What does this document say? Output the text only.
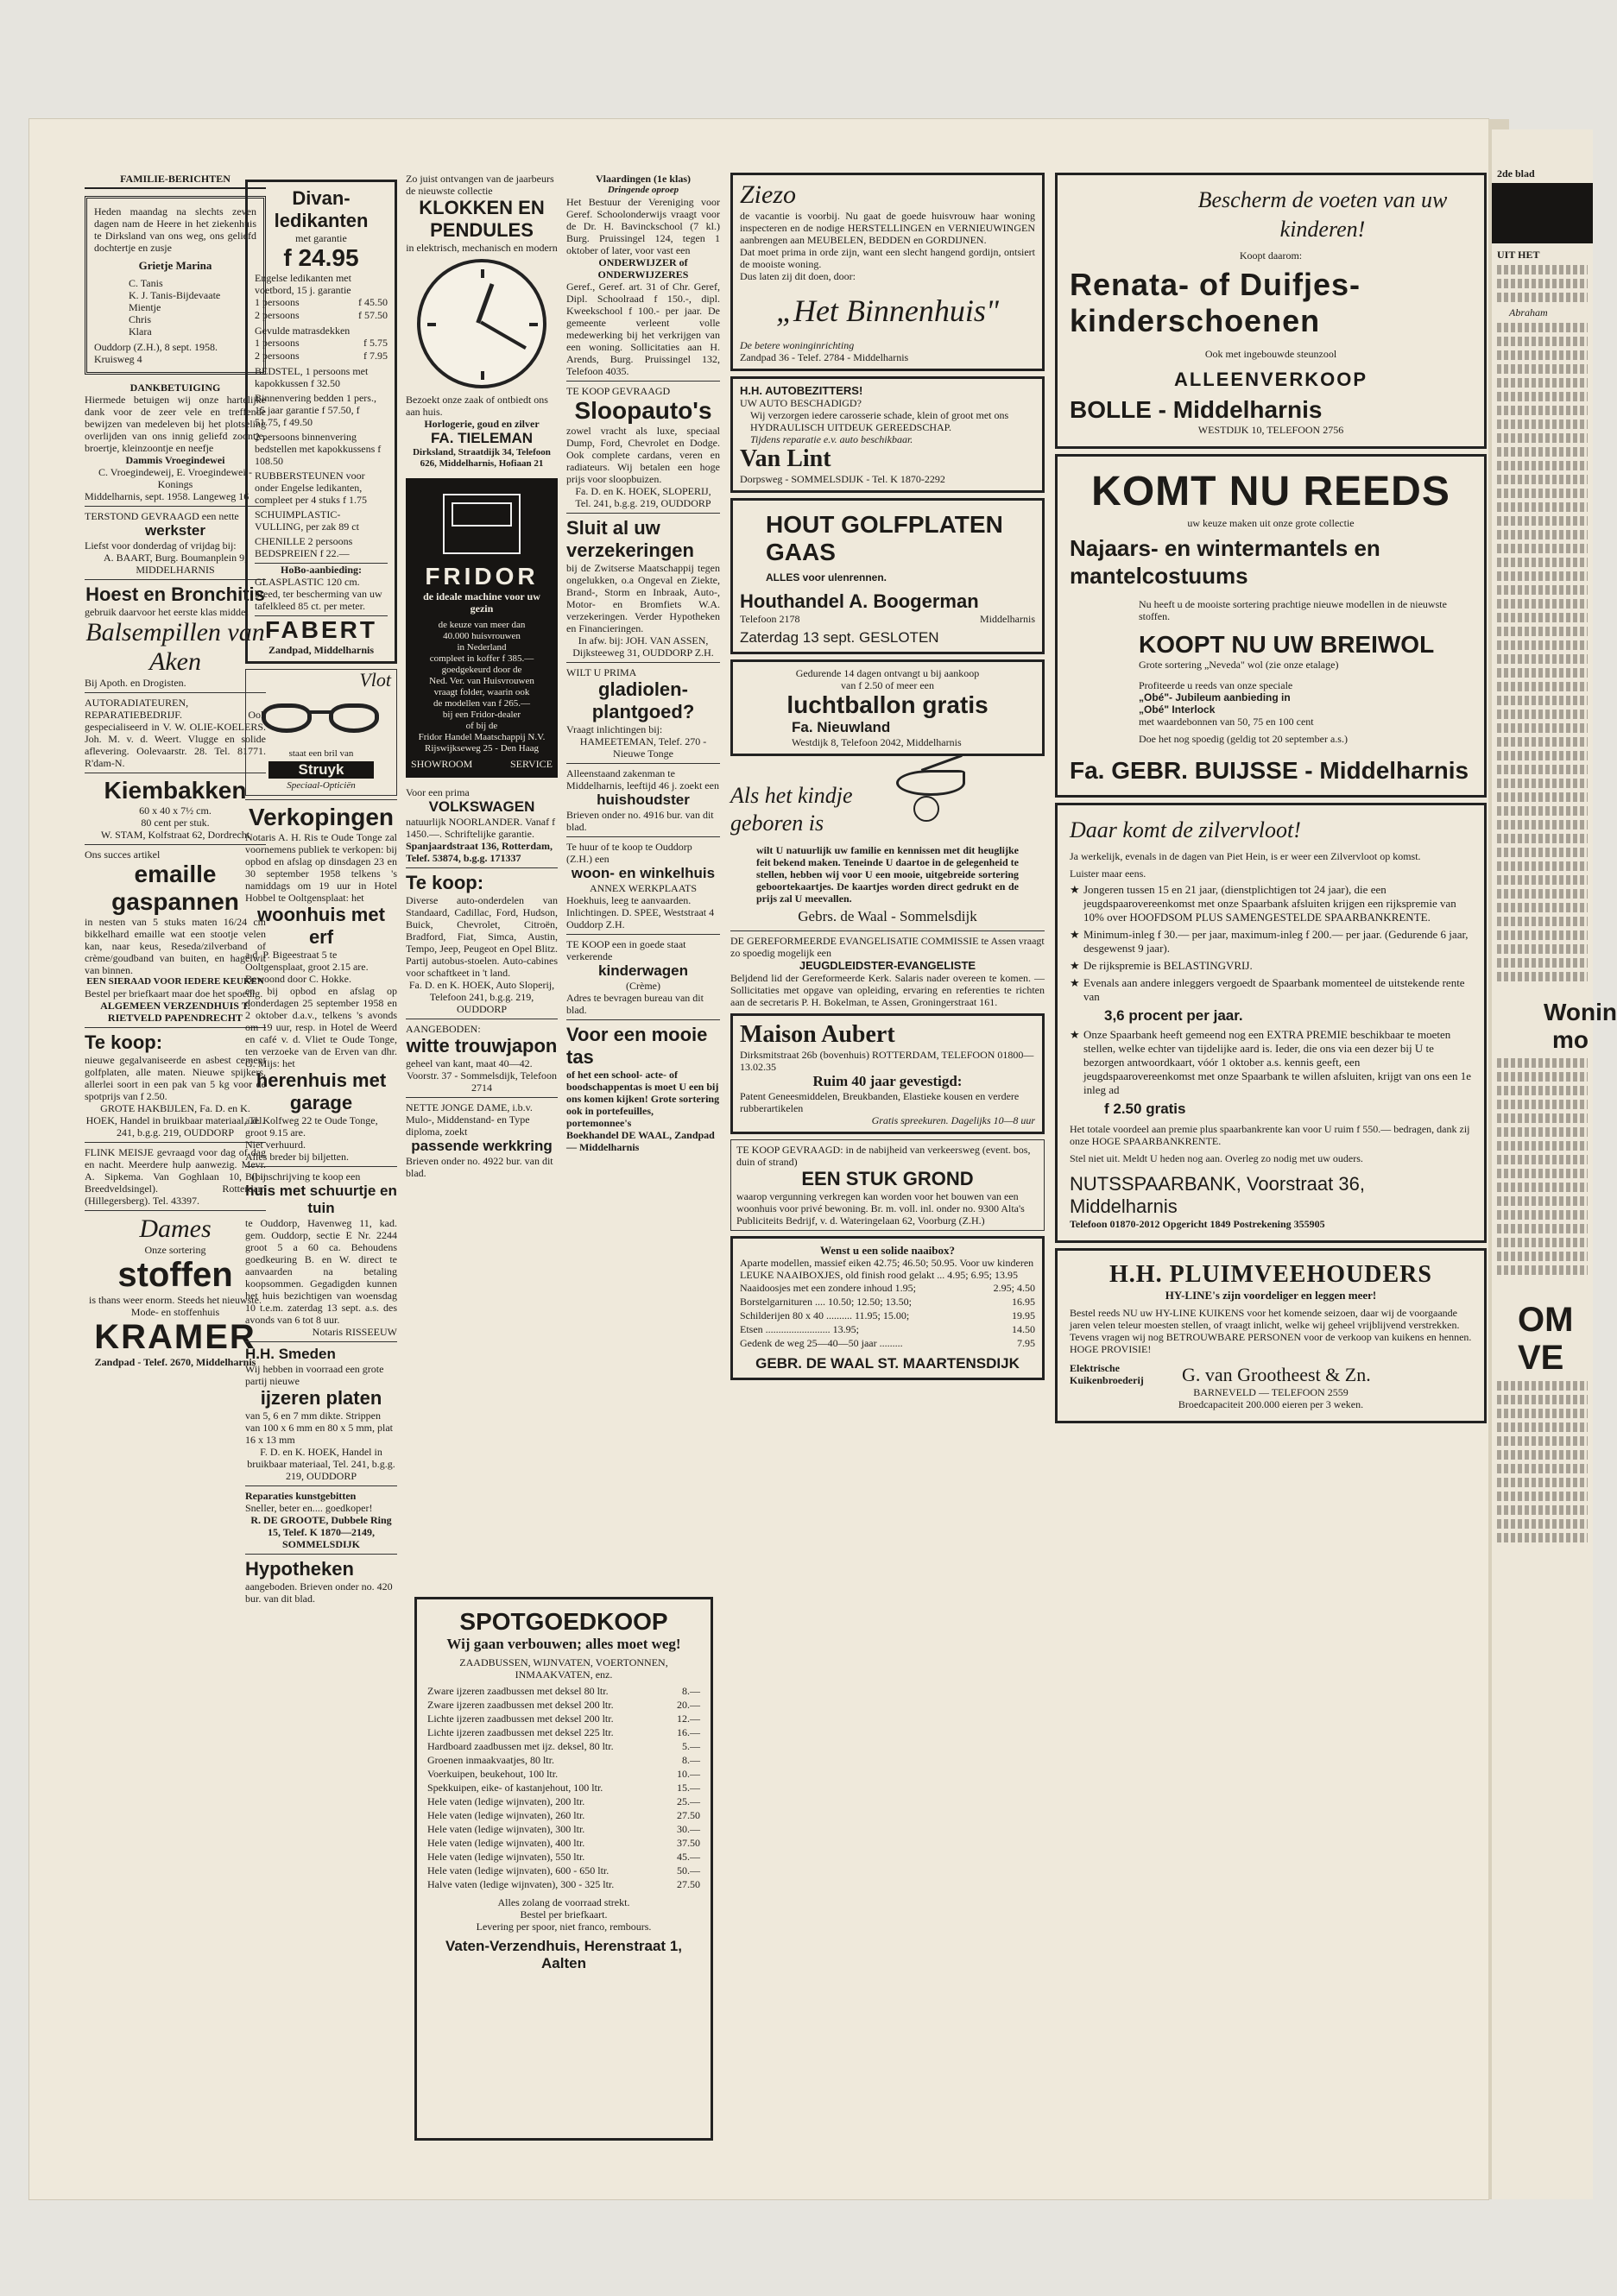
FAMILIE-BERICHTEN
Heden maandag na slechts zeven dagen nam de Heere in het ziekenhuis te Dirksland van ons weg, ons geliefd dochtertje en zusje
Grietje Marina
C. Tanis
K. J. Tanis-Bijdevaate
Mientje
Chris
Klara
Ouddorp (Z.H.), 8 sept. 1958. Kruisweg 4
DANKBETUIGING
Hiermede betuigen wij onze hartelijke dank voor de zeer vele en treffende bewijzen van medeleven bij het plotseling overlijden van ons innig geliefd zoontje, broertje, kleinzoontje en neefje
Dammis Vroegindewei
C. Vroegindeweij, E. Vroegindeweij-Konings
Middelharnis, sept. 1958. Langeweg 16
TERSTOND GEVRAAGD een nette
werkster
Liefst voor donderdag of vrijdag bij:
A. BAART, Burg. Boumanplein 9, MIDDELHARNIS
Hoest en Bronchitis
gebruik daarvoor het eerste klas middel
Balsempillen van Aken
Bij Apoth. en Drogisten.
AUTORADIATEUREN, REPARATIEBEDRIJF. Ook gespecialiseerd in V. W. OLIE-KOELERS. Joh. M. v. d. Weert. Vlugge en solide aflevering. Oolevaarstr. 28. Tel. 81771. R'dam-N.
Kiembakken
60 x 40 x 7½ cm.
80 cent per stuk.
W. STAM, Kolfstraat 62, Dordrecht
Ons succes artikel
emaille gaspannen
in nesten van 5 stuks maten 16/24 cm bikkelhard emaille wat een stootje velen kan, naar keus, Reseda/zilverband of crème/goudband van buiten, en hagelwit van binnen.
EEN SIERAAD VOOR IEDERE KEUKEN
Bestel per briefkaart maar doe het spoedig.
ALGEMEEN VERZENDHUIS T. RIETVELD PAPENDRECHT
Te koop:
nieuwe gegalvaniseerde en asbest cement golfplaten, alle maten. Nieuwe spijkers, allerlei soort in een pak van 5 kg voor de spotprijs van f 2.50.
GROTE HAKBIJLEN, Fa. D. en K. HOEK, Handel in bruikbaar materiaal, Tel. 241, b.g.g. 219, OUDDORP
FLINK MEISJE gevraagd voor dag of dag en nacht. Meerdere hulp aanwezig. Mevr. A. Sipkema. Van Goghlaan 10, (bij Breedveldsingel). Rotterdam (Hillegersberg). Tel. 43397.
Dames
Onze sortering
stoffen
is thans weer enorm. Steeds het nieuwste.
Mode- en stoffenhuis
KRAMER
Zandpad - Telef. 2670, Middelharnis
Divan-ledikanten
met garantie
f 24.95
Engelse ledikanten met voetbord, 15 j. garantie
1 persoons	f 45.50
2 persoons	f 57.50
Gevulde matrasdekken
1 persoons	f 5.75
2 persoons	f 7.95
BEDSTEL, 1 persoons met kapokkussen f 32.50
Binnenvering bedden 1 pers., 15 jaar garantie f 57.50, f 51.75, f 49.50
2 persoons binnenvering bedstellen met kapokkussens f 108.50
RUBBERSTEUNEN voor onder Engelse ledikanten, compleet per 4 stuks f 1.75
SCHUIMPLASTIC-VULLING, per zak 89 ct
CHENILLE 2 persoons BEDSPREIEN f 22.—
HoBo-aanbieding:
GLASPLASTIC 120 cm. breed, ter bescherming van uw tafelkleed 85 ct. per meter.
FABERT
Zandpad, Middelharnis
Vlot
staat een bril van
Struyk
Speciaal-Opticiën
Verkopingen
Notaris A. H. Ris te Oude Tonge zal voornemens publiek te verkopen: bij opbod en afslag op dinsdagen 23 en 30 september 1958 telkens 's namiddags om 19 uur in Hotel Hobbel te Ooltgensplaat: het
woonhuis met erf
a.d. P. Bigeestraat 5 te Ooltgensplaat, groot 2.15 are.
Bewoond door C. Hokke.
en bij opbod en afslag op donderdagen 25 september 1958 en 2 oktober d.a.v., telkens 's avonds om 19 uur, resp. in Hotel de Weerd en café v. d. Vliet te Oude Tonge, ten verzoeke van de Erven van dhr. G. Mijs: het
herenhuis met garage
a.d. Kolfweg 22 te Oude Tonge, groot 9.15 are.
Niet verhuurd.
Alles breder bij biljetten.
Bij inschrijving te koop een
huis met schuurtje en tuin
te Ouddorp, Havenweg 11, kad. gem. Ouddorp, sectie E Nr. 2244 groot 5 a 60 ca. Behoudens goedkeuring B. en W. direct te aanvaarden na betaling koopsommen. Gegadigden kunnen het huis bezichtigen van woensdag 10 t.e.m. zaterdag 13 sept. a.s. des avonds van 6 tot 8 uur.
Notaris RISSEEUW
H.H. Smeden
Wij hebben in voorraad een grote partij nieuwe
ijzeren platen
van 5, 6 en 7 mm dikte. Strippen van 100 x 6 mm en 80 x 5 mm, plat 16 x 13 mm
F. D. en K. HOEK, Handel in bruikbaar materiaal, Tel. 241, b.g.g. 219, OUDDORP
Reparaties kunstgebitten
Sneller, beter en.... goedkoper!
R. DE GROOTE, Dubbele Ring 15, Telef. K 1870—2149, SOMMELSDIJK
Hypotheken
aangeboden. Brieven onder no. 420 bur. van dit blad.
Zo juist ontvangen van de jaarbeurs de nieuwste collectie
KLOKKEN EN PENDULES
in elektrisch, mechanisch en modern
Bezoekt onze zaak of ontbiedt ons aan huis.
Horlogerie, goud en zilver
FA. TIELEMAN
Dirksland, Straatdijk 34, Telefoon 626, Middelharnis, Hofiaan 21
FRIDOR
de ideale machine voor uw gezin
de keuze van meer dan
40.000 huisvrouwen
in Nederland
compleet in koffer f 385.—
goedgekeurd door de
Ned. Ver. van Huisvrouwen
vraagt folder, waarin ook
de modellen van f 265.—
bij een Fridor-dealer
of bij de
Fridor Handel Maatschappij N.V.
Rijswijkseweg 25 - Den Haag
SHOWROOM	SERVICE
Voor een prima
VOLKSWAGEN
natuurlijk NOORLANDER. Vanaf f 1450.—. Schriftelijke garantie.
Spanjaardstraat 136, Rotterdam, Telef. 53874, b.g.g. 171337
Te koop:
Diverse auto-onderdelen van Standaard, Cadillac, Ford, Hudson, Buick, Chevrolet, Citroën, Bradford, Fiat, Simca, Austin, Tempo, Jeep, Peugeot en Opel Blitz. Partij autobus-stoelen. Auto-cabines voor schaftkeet in 't land.
Fa. D. en K. HOEK, Auto Sloperij, Telefoon 241, b.g.g. 219, OUDDORP
AANGEBODEN:
witte trouwjapon
geheel van kant, maat 40—42.
Voorstr. 37 - Sommelsdijk, Telefoon 2714
NETTE JONGE DAME, i.b.v. Mulo-, Middenstand- en Type diploma, zoekt
passende werkkring
Brieven onder no. 4922 bur. van dit blad.
Vlaardingen (1e klas)
Dringende oproep
Het Bestuur der Vereniging voor Geref. Schoolonderwijs vraagt voor de Dr. H. Bavinckschool (7 kl.) Burg. Pruissingel 124, tegen 1 oktober of later, voor vast een
ONDERWIJZER of ONDERWIJZERES
Geref., Geref. art. 31 of Chr. Geref, Dipl. Schoolraad f 150.-, dipl. Kweekschool f 100.- per jaar. De gemeente verleent volle medewerking bij het verkrijgen van een woning. Sollicitaties aan H. Arends, Burg. Pruissingel 132, Telefoon 4035.
TE KOOP GEVRAAGD
Sloopauto's
zowel vracht als luxe, speciaal Dump, Ford, Chevrolet en Dodge. Ook complete cardans, veren en radiateurs. Wij betalen een hoge prijs voor sloopbuizen.
Fa. D. en K. HOEK, SLOPERIJ, Tel. 241, b.g.g. 219, OUDDORP
Sluit al uw verzekeringen
bij de Zwitserse Maatschappij tegen ongelukken, o.a Ongeval en Ziekte, Brand-, Storm en Inbraak, Auto-, Motor- en Bromfiets W.A. verzekeringen. Verder Hypotheken en Financieringen.
In afw. bij: JOH. VAN ASSEN, Dijksteeweg 31, OUDDORP Z.H.
WILT U PRIMA
gladiolen-plantgoed?
Vraagt inlichtingen bij:
HAMEETEMAN, Telef. 270 - Nieuwe Tonge
Alleenstaand zakenman te Middelharnis, leeftijd 46 j. zoekt een
huishoudster
Brieven onder no. 4916 bur. van dit blad.
Te huur of te koop te Ouddorp (Z.H.) een
woon- en winkelhuis
ANNEX WERKPLAATS
Hoekhuis, leeg te aanvaarden. Inlichtingen. D. SPEE, Weststraat 4 Ouddorp Z.H.
TE KOOP een in goede staat verkerende
kinderwagen
(Crème)
Adres te bevragen bureau van dit blad.
Voor een mooie tas
of het een school- acte- of boodschappentas is moet U een bij ons komen kijken! Grote sortering ook in portefeuilles, portemonnee's
Boekhandel DE WAAL, Zandpad — Middelharnis
SPOTGOEDKOOP
Wij gaan verbouwen; alles moet weg!
ZAADBUSSEN, WIJNVATEN, VOERTONNEN, INMAAKVATEN, enz.
Zware ijzeren zaadbussen met deksel 80 ltr.	8.—
Zware ijzeren zaadbussen met deksel 200 ltr.	20.—
Lichte ijzeren zaadbussen met deksel 200 ltr.	12.—
Lichte ijzeren zaadbussen met deksel 225 ltr.	16.—
Hardboard zaadbussen met ijz. deksel, 80 ltr.	5.—
Groenen inmaakvaatjes, 80 ltr.	8.—
Voerkuipen, beukehout, 100 ltr.	10.—
Spekkuipen, eike- of kastanjehout, 100 ltr.	15.—
Hele vaten (ledige wijnvaten), 200 ltr.	25.—
Hele vaten (ledige wijnvaten), 260 ltr.	27.50
Hele vaten (ledige wijnvaten), 300 ltr.	30.—
Hele vaten (ledige wijnvaten), 400 ltr.	37.50
Hele vaten (ledige wijnvaten), 550 ltr.	45.—
Hele vaten (ledige wijnvaten), 600 - 650 ltr.	50.—
Halve vaten (ledige wijnvaten), 300 - 325 ltr.	27.50
Alles zolang de voorraad strekt.
Bestel per briefkaart.
Levering per spoor, niet franco, rembours.
Vaten-Verzendhuis, Herenstraat 1, Aalten
Ziezo
de vacantie is voorbij. Nu gaat de goede huisvrouw haar woning inspecteren en de nodige HERSTELLINGEN en VERNIEUWINGEN aanbrengen aan MEUBELEN, BEDDEN en GORDIJNEN.
Dat moet prima in orde zijn, want een slecht hangend gordijn, ontsiert de mooiste woning.
Dus laten zij dit doen, door:
„Het Binnenhuis"
De betere woninginrichting
Zandpad 36 - Telef. 2784 - Middelharnis
H.H. AUTOBEZITTERS!
UW AUTO BESCHADIGD?
Wij verzorgen iedere carosserie schade, klein of groot met ons HYDRAULISCH UITDEUK GEREEDSCHAP.
Tijdens reparatie e.v. auto beschikbaar.
Van Lint
Dorpsweg - SOMMELSDIJK - Tel. K 1870-2292
HOUT GOLFPLATEN GAAS
ALLES voor ulenrennen.
Houthandel A. Boogerman
Telefoon 2178	Middelharnis
Zaterdag 13 sept. GESLOTEN
Gedurende 14 dagen ontvangt u bij aankoop van f 2.50 of meer een
luchtballon gratis
Fa. Nieuwland
Westdijk 8, Telefoon 2042, Middelharnis
Als het kindje geboren is
wilt U natuurlijk uw familie en kennissen met dit heuglijke feit bekend maken. Teneinde U daartoe in de gelegenheid te stellen, hebben wij voor U een mooie, uitgebreide sortering geboortekaartjes. De kaartjes worden direct gedrukt en de prijs zal U meevallen.
Gebrs. de Waal - Sommelsdijk
DE GEREFORMEERDE EVANGELISATIE COMMISSIE te Assen vraagt zo spoedig mogelijk een
JEUGDLEIDSTER-EVANGELISTE
Beljdend lid der Gereformeerde Kerk. Salaris nader overeen te komen. — Sollicitaties met opgave van opleiding, ervaring en referenties te richten aan de secretaris P. H. Bokelman, te Assen, Groningerstraat 161.
Maison Aubert
Dirksmitstraat 26b (bovenhuis) ROTTERDAM, TELEFOON 01800—13.02.35
Ruim 40 jaar gevestigd:
Patent Geneesmiddelen, Breukbanden, Elastieke kousen en verdere rubberartikelen
Gratis spreekuren. Dagelijks 10—8 uur
TE KOOP GEVRAAGD: in de nabijheid van verkeersweg (event. bos, duin of strand)
EEN STUK GROND
waarop vergunning verkregen kan worden voor het bouwen van een woonhuis voor privé bewoning. Br. m. voll. inl. onder no. 9300 Alta's Publiciteits Bedrijf, v. d. Wateringelaan 62, Voorburg (Z.H.)
Wenst u een solide naaibox?
Aparte modellen, massief eiken 42.75; 46.50; 50.95. Voor uw kinderen LEUKE NAAIBOXJES, old finish rood gelakt ... 4.95; 6.95; 13.95
Naaidoosjes met een zondere inhoud 1.95;	2.95; 4.50
Borstelgarnituren .... 10.50; 12.50; 13.50;	16.95
Schilderijen 80 x 40 .......... 11.95; 15.00;	19.95
Etsen ......................... 13.95;	14.50
Gedenk de weg 25—40—50 jaar .........	7.95
GEBR. DE WAAL ST. MAARTENSDIJK
Bescherm de voeten van uw kinderen!
Koopt daarom:
Renata- of Duifjes-kinderschoenen
Ook met ingebouwde steunzool
ALLEENVERKOOP
BOLLE - Middelharnis
WESTDIJK 10, TELEFOON 2756
KOMT NU REEDS
uw keuze maken uit onze grote collectie
Najaars- en wintermantels en mantelcostuums
Nu heeft u de mooiste sortering prachtige nieuwe modellen in de nieuwste stoffen.
KOOPT NU UW BREIWOL
Grote sortering „Neveda" wol (zie onze etalage)
Profiteerde u reeds van onze speciale
„Obé"- Jubileum aanbieding in
„Obé" Interlock
met waardebonnen van 50, 75 en 100 cent
Doe het nog spoedig (geldig tot 20 september a.s.)
Fa. GEBR. BUIJSSE - Middelharnis
Daar komt de zilvervloot!
Ja werkelijk, evenals in de dagen van Piet Hein, is er weer een Zilvervloot op komst.
Luister maar eens.
★ Jongeren tussen 15 en 21 jaar, (dienstplichtigen tot 24 jaar), die een jeugdspaarovereenkomst met onze Spaarbank afsluiten krijgen een rijkspremie van 10% over HOOFDSOM PLUS SAMENGESTELDE SPAARBANKRENTE.
★ Minimum-inleg f 30.— per jaar, maximum-inleg f 200.— per jaar. (Gedurende 6 jaar, desgewenst 9 jaar).
★ De rijkspremie is BELASTINGVRIJ.
★ Evenals aan andere inleggers vergoedt de Spaarbank momenteel de uitstekende rente van
3,6 procent per jaar.
★ Onze Spaarbank heeft gemeend nog een EXTRA PREMIE beschikbaar te moeten stellen, welke echter van tijdelijke aard is. Ieder, die ons via een dezer bij U te bezorgen antwoordkaart, vóór 1 oktober a.s. kennis geeft, een jeugdspaarovereenkomst met onze Spaarbank te willen afsluiten, krijgt van ons een 1e inleg ad
f 2.50 gratis
Het totale voordeel aan premie plus spaarbankrente kan voor U ruim f 550.— bedragen, dank zij onze HOGE SPAARBANKRENTE.
Stel niet uit. Meldt U heden nog aan. Overleg zo nodig met uw ouders.
NUTSSPAARBANK, Voorstraat 36, Middelharnis
Telefoon 01870-2012 Opgericht 1849 Postrekening 355905
H.H. PLUIMVEEHOUDERS
HY-LINE's zijn voordeliger en leggen meer!
Bestel reeds NU uw HY-LINE KUIKENS voor het komende seizoen, daar wij de voorgaande jaren velen teleur moesten stellen, of vraagt inlicht, welke wij geheel vrijblijvend verstrekken. Tevens vragen wij nog BETROUWBARE PERSONEN voor de verkoop van kuikens en hennen. HOGE PROVISIE!
Elektrische Kuikenbroederij	G. van Grootheest & Zn.
BARNEVELD — TELEFOON 2559
Broedcapaciteit 200.000 eieren per 3 weken.
2de blad
UIT HET
Abraham
Wonin
mo
OM
VE
